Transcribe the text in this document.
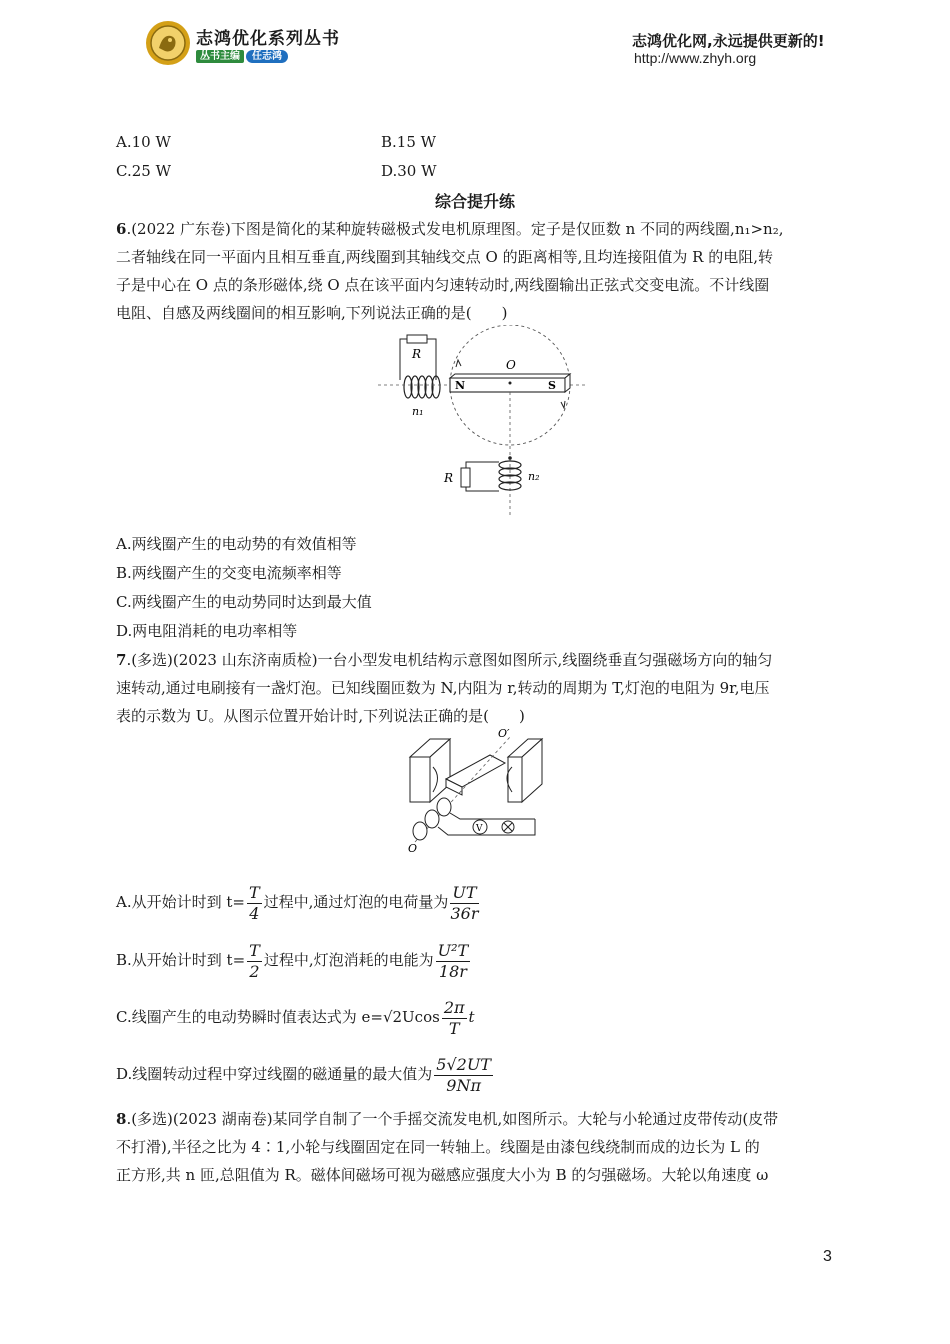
志鸿优化系列丛书
丛书主编 任志鸿
志鸿优化网,永远提供更新的!
http://www.zhyh.org
A.10 W	B.15 W
C.25 W	D.30 W
综合提升练
6.(2022 广东卷)下图是简化的某种旋转磁极式发电机原理图。定子是仅匝数 n 不同的两线圈,n₁>n₂,
二者轴线在同一平面内且相互垂直,两线圈到其轴线交点 O 的距离相等,且均连接阻值为 R 的电阻,转
子是中心在 O 点的条形磁体,绕 O 点在该平面内匀速转动时,两线圈输出正弦式交变电流。不计线圈
电阻、自感及两线圈间的相互影响,下列说法正确的是(　　)
R
n₁
N	S
O
R	n₂
A.两线圈产生的电动势的有效值相等
B.两线圈产生的交变电流频率相等
C.两线圈产生的电动势同时达到最大值
D.两电阻消耗的电功率相等
7.(多选)(2023 山东济南质检)一台小型发电机结构示意图如图所示,线圈绕垂直匀强磁场方向的轴匀
速转动,通过电刷接有一盏灯泡。已知线圈匝数为 N,内阻为 r,转动的周期为 T,灯泡的电阻为 9r,电压
表的示数为 U。从图示位置开始计时,下列说法正确的是(　　)
O′
O
V
A.从开始计时到 $t= \frac{T}{4}$ 过程中,通过灯泡的电荷量为 $\frac{UT}{36r}$
B.从开始计时到 $t= \frac{T}{2}$ 过程中,灯泡消耗的电能为 $\frac{\text{U²T}}{18r}$
C.线圈产生的电动势瞬时值表达式为 $e=√2Ucos \frac{2\pi}{T}$ t
D.线圈转动过程中穿过线圈的磁通量的最大值为 $\frac{5√2UT}{9N\pi}$
8.(多选)(2023 湖南卷)某同学自制了一个手摇交流发电机,如图所示。大轮与小轮通过皮带传动(皮带
不打滑),半径之比为 4∶1,小轮与线圈固定在同一转轴上。线圈是由漆包线绕制而成的边长为 L 的
正方形,共 n 匝,总阻值为 R。磁体间磁场可视为磁感应强度大小为 B 的匀强磁场。大轮以角速度 ω
3
